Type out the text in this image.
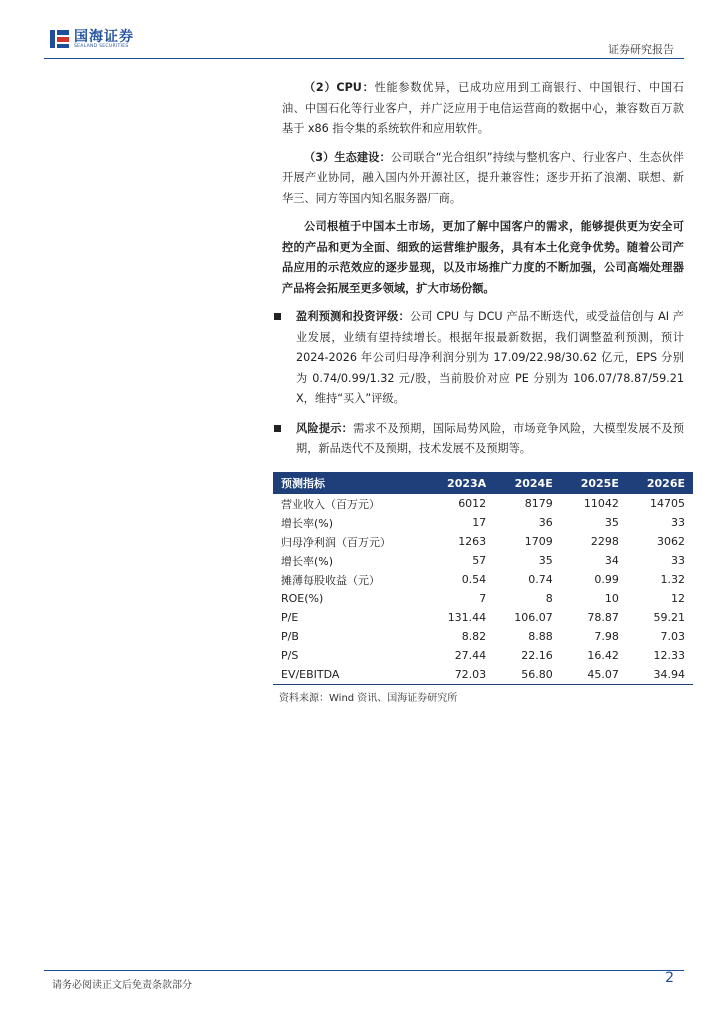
国海证券
SEALAND SECURITIES	证券研究报告

（2）CPU：性能参数优异，已成功应用到工商银行、中国银行、中国石油、中国石化等行业客户，并广泛应用于电信运营商的数据中心，兼容数百万款基于 x86 指令集的系统软件和应用软件。

（3）生态建设：公司联合“光合组织”持续与整机客户、行业客户、生态伙伴开展产业协同，融入国内外开源社区，提升兼容性；逐步开拓了浪潮、联想、新华三、同方等国内知名服务器厂商。

公司根植于中国本土市场，更加了解中国客户的需求，能够提供更为安全可控的产品和更为全面、细致的运营维护服务，具有本土化竞争优势。随着公司产品应用的示范效应的逐步显现，以及市场推广力度的不断加强，公司高端处理器产品将会拓展至更多领域，扩大市场份额。

盈利预测和投资评级：公司 CPU 与 DCU 产品不断迭代，或受益信创与 AI 产业发展，业绩有望持续增长。根据年报最新数据，我们调整盈利预测，预计 2024-2026 年公司归母净利润分别为 17.09/22.98/30.62 亿元，EPS 分别为 0.74/0.99/1.32 元/股，当前股价对应 PE 分别为 106.07/78.87/59.21 X，维持“买入”评级。
风险提示：需求不及预期，国际局势风险，市场竞争风险，大模型发展不及预期，新品迭代不及预期，技术发展不及预期等。
预测指标	2023A	2024E	2025E	2026E
营业收入（百万元）	6012	8179	11042	14705
增长率(%)	17	36	35	33
归母净利润（百万元）	1263	1709	2298	3062
增长率(%)	57	35	34	33
摊薄每股收益（元）	0.54	0.74	0.99	1.32
ROE(%)	7	8	10	12
P/E	131.44	106.07	78.87	59.21
P/B	8.82	8.88	7.98	7.03
P/S	27.44	22.16	16.42	12.33
EV/EBITDA	72.03	56.80	45.07	34.94
资料来源：Wind 资讯、国海证券研究所
请务必阅读正文后免责条款部分	2
